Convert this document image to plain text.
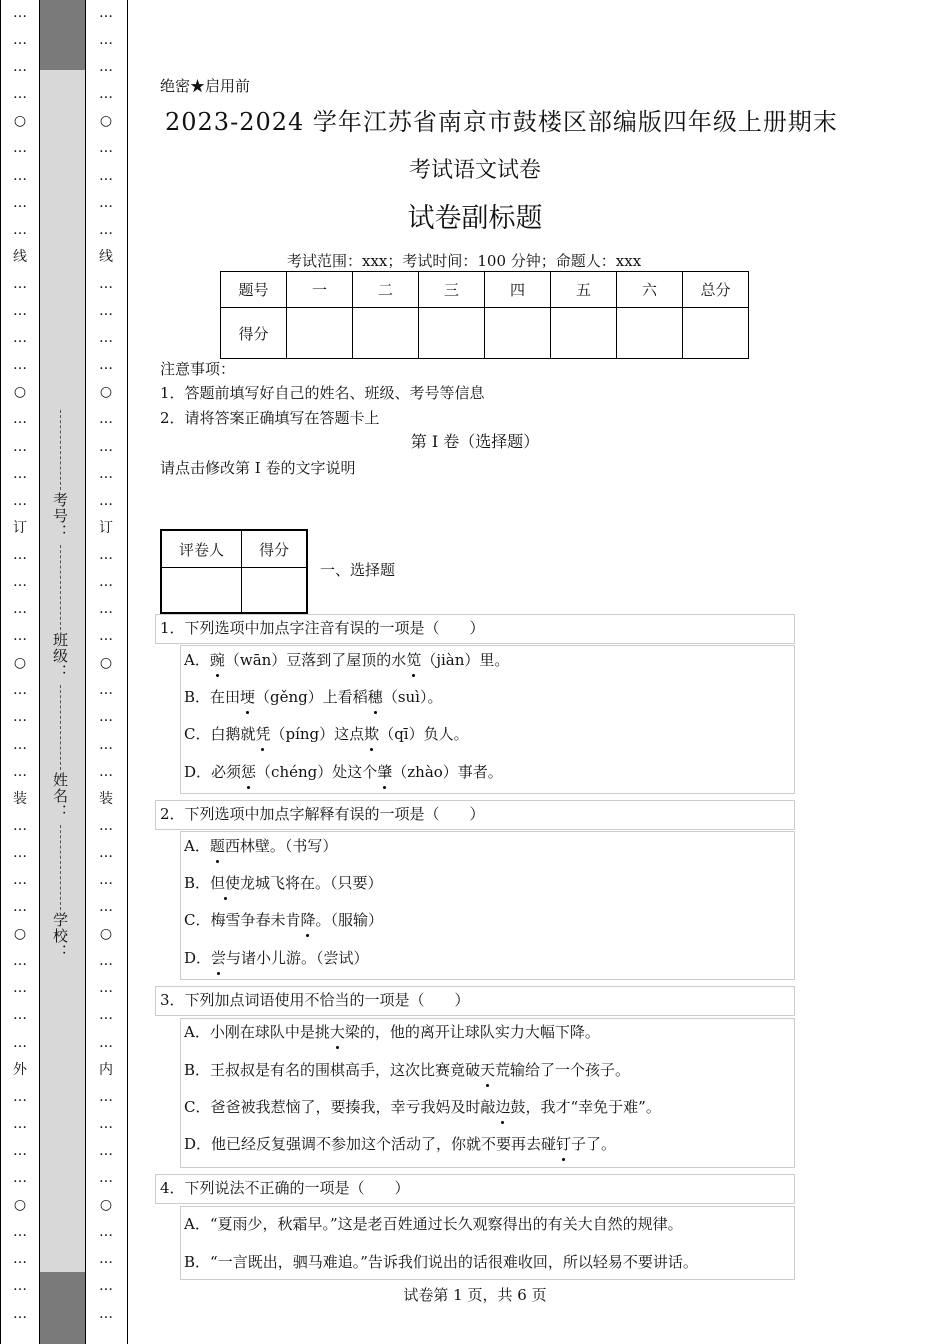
…
…
…
…
○
…
…
…
…
线
…
…
…
…
○
…
…
…
…
订
…
…
…
…
○
…
…
…
…
装
…
…
…
…
○
…
…
…
…
外
…
…
…
…
○
…
…
…
…
…
…
…
…
○
…
…
…
…
线
…
…
…
…
○
…
…
…
…
订
…
…
…
…
○
…
…
…
…
装
…
…
…
…
○
…
…
…
…
内
…
…
…
…
○
…
…
…
…
考号：
班级：
姓名：
学校：
绝密★启用前
2023-2024 学年江苏省南京市鼓楼区部编版四年级上册期末
考试语文试卷
试卷副标题
考试范围：xxx；考试时间：100 分钟；命题人：xxx
题号	一	二	三	四	五	六	总分
得分							
注意事项：
1．答题前填写好自己的姓名、班级、考号等信息
2．请将答案正确填写在答题卡上
第 I 卷（选择题）
请点击修改第 I 卷的文字说明
评卷人	得分

一、选择题
1．下列选项中加点字注音有误的一项是（　　）
A．豌（wān）豆落到了屋顶的水笕（jiàn）里。
B．在田埂（gěng）上看稻穗（suì）。
C．白鹅就凭（píng）这点欺（qī）负人。
D．必须惩（chéng）处这个肇（zhào）事者。
2．下列选项中加点字解释有误的一项是（　　）
A．题西林壁。（书写）
B．但使龙城飞将在。（只要）
C．梅雪争春未肯降。（服输）
D．尝与诸小儿游。（尝试）
3．下列加点词语使用不恰当的一项是（　　）
A．小刚在球队中是挑大梁的，他的离开让球队实力大幅下降。
B．王叔叔是有名的围棋高手，这次比赛竟破天荒输给了一个孩子。
C．爸爸被我惹恼了，要揍我，幸亏我妈及时敲边鼓，我才“幸免于难”。
D．他已经反复强调不参加这个活动了，你就不要再去碰钉子了。
4．下列说法不正确的一项是（　　）
A．“夏雨少，秋霜早。”这是老百姓通过长久观察得出的有关大自然的规律。
B．“一言既出，驷马难追。”告诉我们说出的话很难收回，所以轻易不要讲话。
试卷第 1 页，共 6 页
